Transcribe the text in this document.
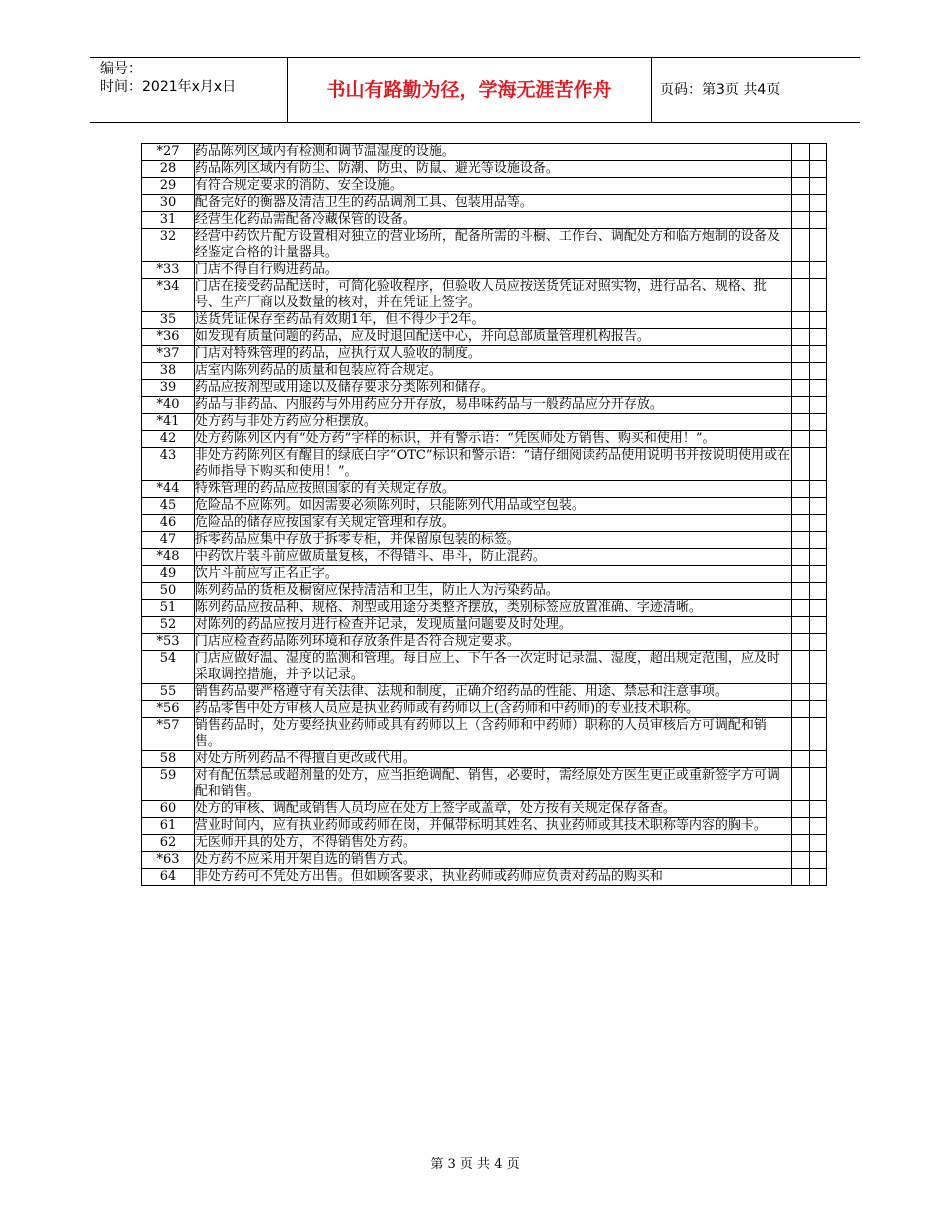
编号：
时间：2021年x月x日	书山有路勤为径，学海无涯苦作舟	页码：第3页 共4页
*27	药品陈列区域内有检测和调节温湿度的设施。		
28	药品陈列区域内有防尘、防潮、防虫、防鼠、避光等设施设备。		
29	有符合规定要求的消防、安全设施。		
30	配备完好的衡器及清洁卫生的药品调剂工具、包装用品等。		
31	经营生化药品需配备冷藏保管的设备。		
32	经营中药饮片配方设置相对独立的营业场所，配备所需的斗橱、工作台、调配处方和临方炮制的设备及经鉴定合格的计量器具。		
*33	门店不得自行购进药品。		
*34	门店在接受药品配送时，可简化验收程序，但验收人员应按送货凭证对照实物，进行品名、规格、批号、生产厂商以及数量的核对，并在凭证上签字。		
35	送货凭证保存至药品有效期1年，但不得少于2年。		
*36	如发现有质量问题的药品，应及时退回配送中心，并向总部质量管理机构报告。		
*37	门店对特殊管理的药品，应执行双人验收的制度。		
38	店室内陈列药品的质量和包装应符合规定。		
39	药品应按剂型或用途以及储存要求分类陈列和储存。		
*40	药品与非药品、内服药与外用药应分开存放，易串味药品与一般药品应分开存放。		
*41	处方药与非处方药应分柜摆放。		
42	处方药陈列区内有“处方药”字样的标识，并有警示语：“凭医师处方销售、购买和使用！”。		
43	非处方药陈列区有醒目的绿底白字“OTC”标识和警示语：“请仔细阅读药品使用说明书并按说明使用或在药师指导下购买和使用！”。		
*44	特殊管理的药品应按照国家的有关规定存放。		
45	危险品不应陈列。如因需要必须陈列时，只能陈列代用品或空包装。		
46	危险品的储存应按国家有关规定管理和存放。		
47	拆零药品应集中存放于拆零专柜，并保留原包装的标签。		
*48	中药饮片装斗前应做质量复核，不得错斗、串斗，防止混药。		
49	饮片斗前应写正名正字。		
50	陈列药品的货柜及橱窗应保持清洁和卫生，防止人为污染药品。		
51	陈列药品应按品种、规格、剂型或用途分类整齐摆放，类别标签应放置准确、字迹清晰。		
52	对陈列的药品应按月进行检查并记录，发现质量问题要及时处理。		
*53	门店应检查药品陈列环境和存放条件是否符合规定要求。		
54	门店应做好温、湿度的监测和管理。每日应上、下午各一次定时记录温、湿度，超出规定范围，应及时采取调控措施，并予以记录。		
55	销售药品要严格遵守有关法律、法规和制度，正确介绍药品的性能、用途、禁忌和注意事项。		
*56	药品零售中处方审核人员应是执业药师或有药师以上(含药师和中药师)的专业技术职称。		
*57	销售药品时，处方要经执业药师或具有药师以上（含药师和中药师）职称的人员审核后方可调配和销售。		
58	对处方所列药品不得擅自更改或代用。		
59	对有配伍禁忌或超剂量的处方，应当拒绝调配、销售，必要时，需经原处方医生更正或重新签字方可调配和销售。		
60	处方的审核、调配或销售人员均应在处方上签字或盖章，处方按有关规定保存备查。		
61	营业时间内，应有执业药师或药师在岗，并佩带标明其姓名、执业药师或其技术职称等内容的胸卡。		
62	无医师开具的处方，不得销售处方药。		
*63	处方药不应采用开架自选的销售方式。		
64	非处方药可不凭处方出售。但如顾客要求，执业药师或药师应负责对药品的购买和		
第 3 页 共 4 页
